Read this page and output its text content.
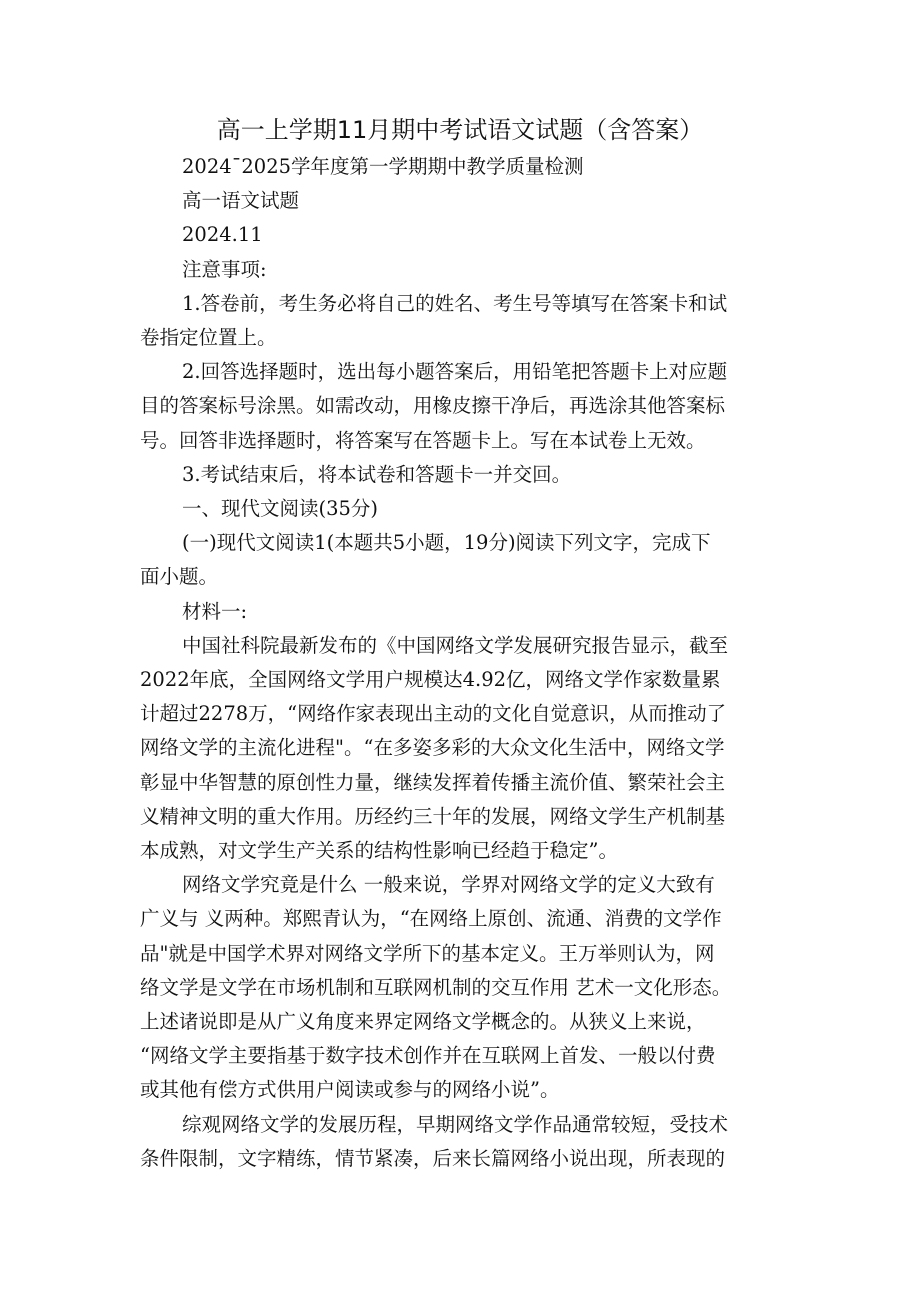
高一上学期11月期中考试语文试题（含答案）

2024¯2025学年度第一学期期中教学质量检测

高一语文试题

2024.11

注意事项:

1.答卷前，考生务必将自己的姓名、考生号等填写在答案卡和试

卷指定位置上。

2.回答选择题时，选出每小题答案后，用铅笔把答题卡上对应题

目的答案标号涂黑。如需改动，用橡皮擦干净后，再选涂其他答案标

号。回答非选择题时，将答案写在答题卡上。写在本试卷上无效。

3.考试结束后，将本试卷和答题卡一并交回。

一、现代文阅读(35分)

(一)现代文阅读1(本题共5小题，19分)阅读下列文字，完成下

面小题。

材料一:

中国社科院最新发布的《中国网络文学发展研究报告显示，截至

2022年底，全国网络文学用户规模达4.92亿，网络文学作家数量累

计超过2278万，“网络作家表现出主动的文化自觉意识，从而推动了

网络文学的主流化进程"。“在多姿多彩的大众文化生活中，网络文学

彰显中华智慧的原创性力量，继续发挥着传播主流价值、繁荣社会主

义精神文明的重大作用。历经约三十年的发展，网络文学生产机制基

本成熟，对文学生产关系的结构性影响已经趋于稳定”。

网络文学究竟是什么 一般来说，学界对网络文学的定义大致有

广义与 义两种。郑熙青认为，“在网络上原创、流通、消费的文学作

品"就是中国学术界对网络文学所下的基本定义。王万举则认为，网

络文学是文学在市场机制和互联网机制的交互作用 艺术一文化形态。

上述诸说即是从广义角度来界定网络文学概念的。从狭义上来说，

“网络文学主要指基于数字技术创作并在互联网上首发、一般以付费

或其他有偿方式供用户阅读或参与的网络小说”。

综观网络文学的发展历程，早期网络文学作品通常较短，受技术

条件限制，文字精练，情节紧凑，后来长篇网络小说出现，所表现的
